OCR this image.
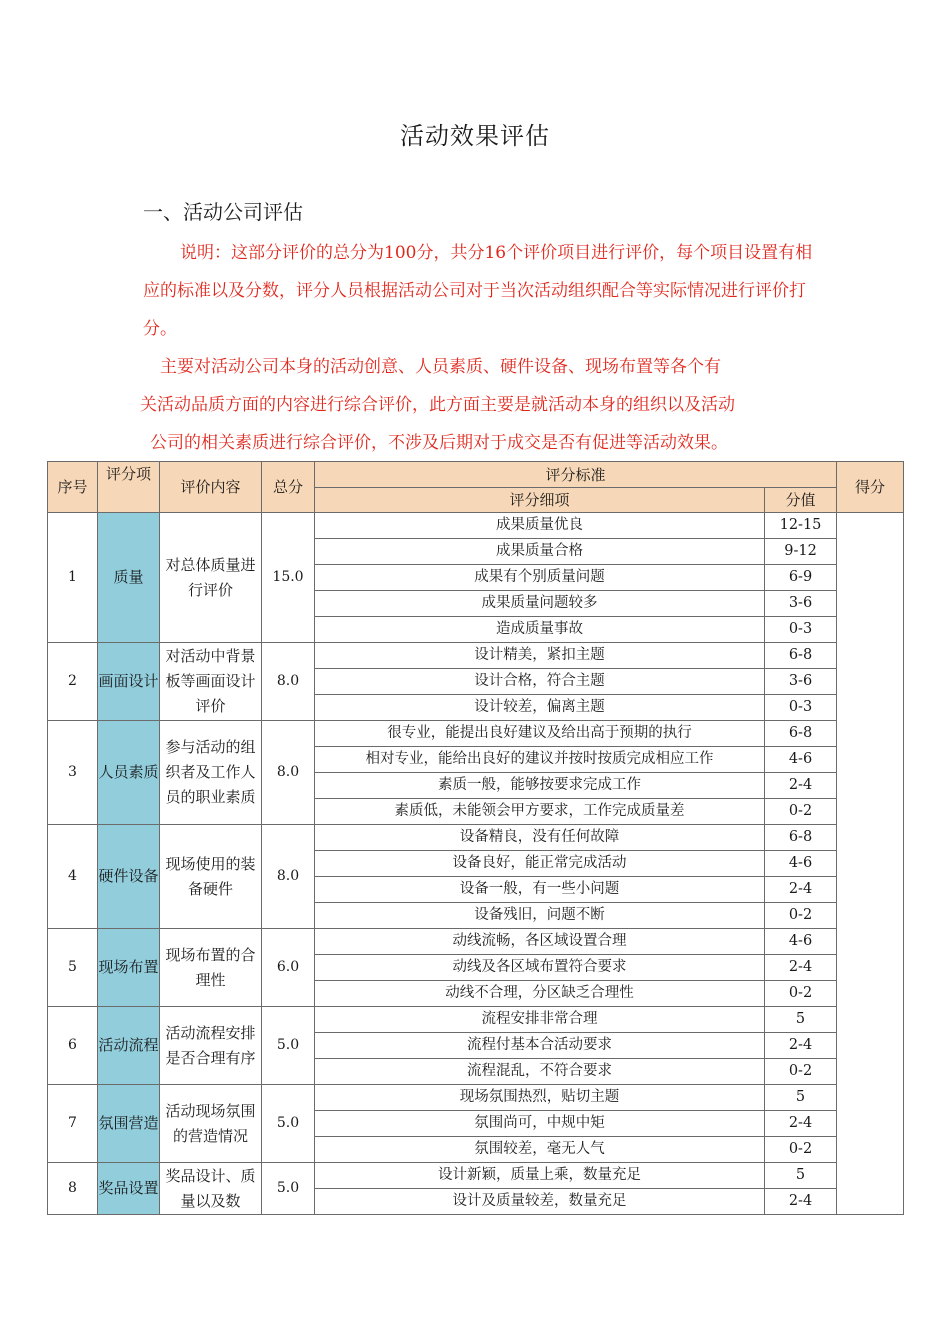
活动效果评估
一、活动公司评估
说明：这部分评价的总分为100分，共分16个评价项目进行评价，每个项目设置有相
应的标准以及分数，评分人员根据活动公司对于当次活动组织配合等实际情况进行评价打
分。
主要对活动公司本身的活动创意、人员素质、硬件设备、现场布置等各个有
关活动品质方面的内容进行综合评价，此方面主要是就活动本身的组织以及活动
公司的相关素质进行综合评价，不涉及后期对于成交是否有促进等活动效果。
序号	评分项	评价内容	总分	评分标准		得分
				评分细项	分值	
1	质量	对总体质量进行评价	15.0	成果质量优良	12-15	
				成果质量合格	9-12	
				成果有个别质量问题	6-9	
				成果质量问题较多	3-6	
				造成质量事故	0-3	
2	画面设计	对活动中背景板等画面设计评价	8.0	设计精美，紧扣主题	6-8	
				设计合格，符合主题	3-6	
				设计较差，偏离主题	0-3	
3	人员素质	参与活动的组织者及工作人员的职业素质	8.0	很专业，能提出良好建议及给出高于预期的执行	6-8	
				相对专业，能给出良好的建议并按时按质完成相应工作	4-6	
				素质一般，能够按要求完成工作	2-4	
				素质低，未能领会甲方要求，工作完成质量差	0-2	
4	硬件设备	现场使用的装备硬件	8.0	设备精良，没有任何故障	6-8	
				设备良好，能正常完成活动	4-6	
				设备一般，有一些小问题	2-4	
				设备残旧，问题不断	0-2	
5	现场布置	现场布置的合理性	6.0	动线流畅，各区域设置合理	4-6	
				动线及各区域布置符合要求	2-4	
				动线不合理，分区缺乏合理性	0-2	
6	活动流程	活动流程安排是否合理有序	5.0	流程安排非常合理	5	
				流程付基本合活动要求	2-4	
				流程混乱，不符合要求	0-2	
7	氛围营造	活动现场氛围的营造情况	5.0	现场氛围热烈，贴切主题	5	
				氛围尚可，中规中矩	2-4	
				氛围较差，毫无人气	0-2	
8	奖品设置	奖品设计、质量以及数	5.0	设计新颖，质量上乘，数量充足	5	
				设计及质量较差，数量充足	2-4	
